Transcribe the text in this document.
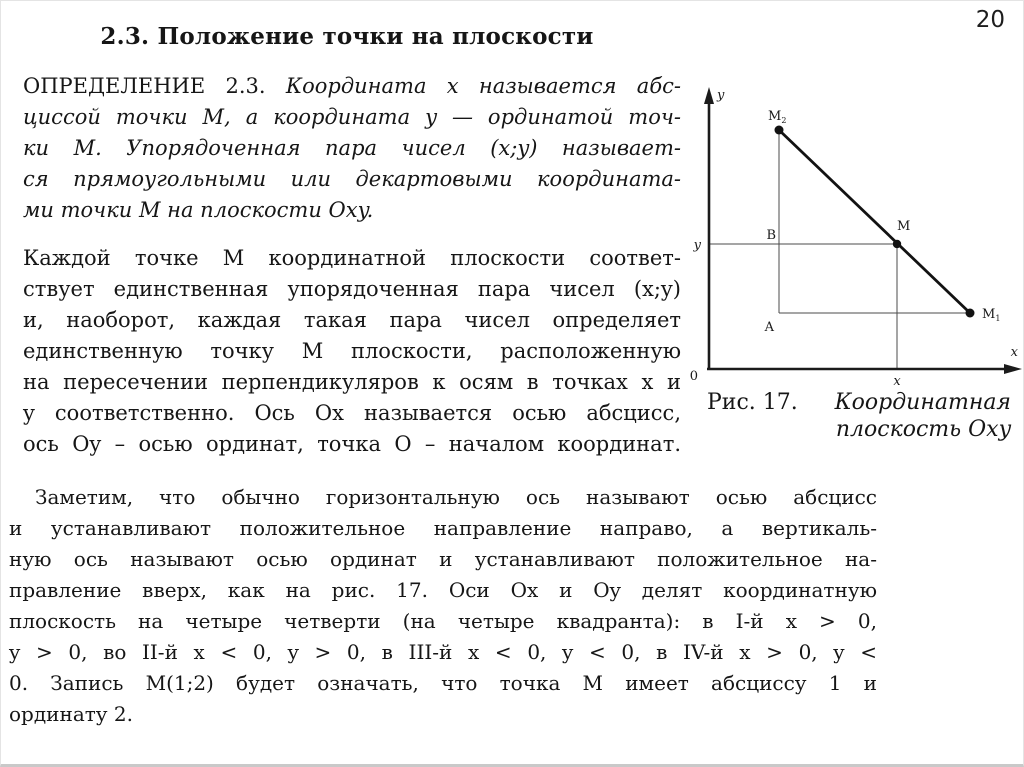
20
2.3. Положение точки на плоскости
ОПРЕДЕЛЕНИЕ 2.3. Координата x называется абс-
циссой точки M, а координата y — ординатой точ-
ки M. Упорядоченная пара чисел (x;y) называет-
ся прямоугольными или декартовыми координата-
ми точки M на плоскости Oxy.
Каждой точке M координатной плоскости соответ-
ствует единственная упорядоченная пара чисел (x;y)
и, наоборот, каждая такая пара чисел определяет
единственную точку M плоскости, расположенную
на пересечении перпендикуляров к осям в точках x и
y соответственно. Ось Ox называется осью абсцисс,
ось Oy – осью ординат, точка O – началом координат.
y
x
0
y
x
$M_2$
M
$M_1$
B
A
Рис. 17. Координатная
плоскость Oxy
Заметим, что обычно горизонтальную ось называют осью абсцисс
и устанавливают положительное направление направо, а вертикаль-
ную ось называют осью ординат и устанавливают положительное на-
правление вверх, как на рис. 17. Оси Ox и Oy делят координатную
плоскость на четыре четверти (на четыре квадранта): в I-й x > 0,
y > 0, во II-й x < 0, y > 0, в III-й x < 0, y < 0, в IV-й x > 0, y <
0. Запись M(1;2) будет означать, что точка M имеет абсциссу 1 и
ординату 2.
